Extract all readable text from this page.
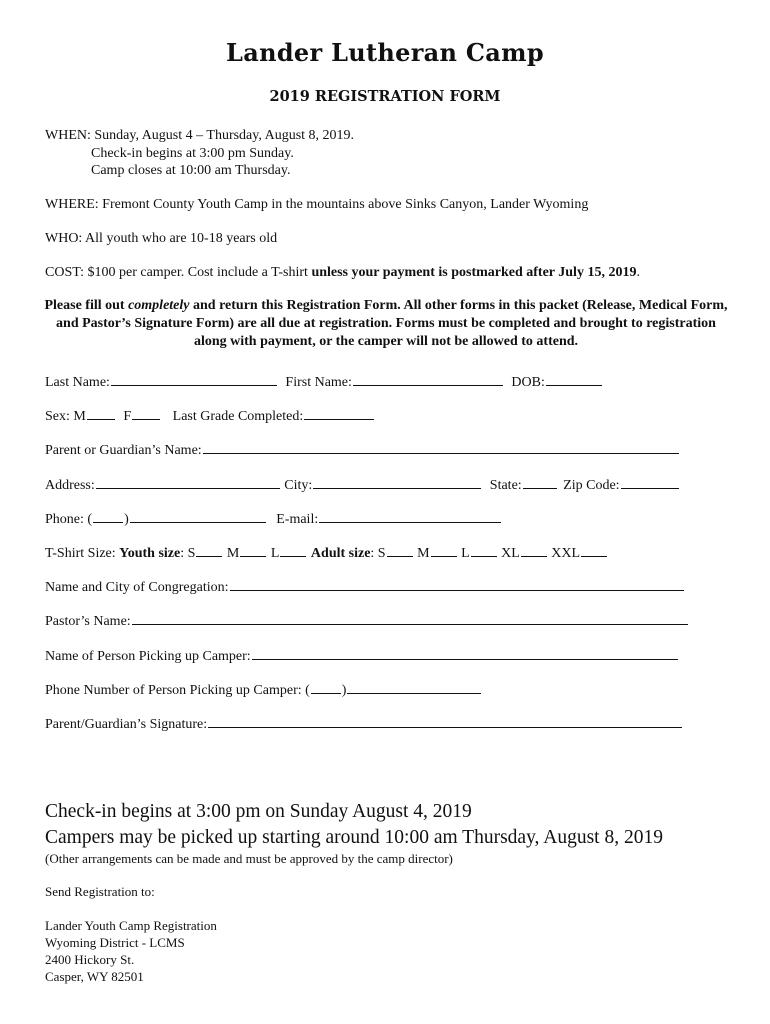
Lander Lutheran Camp
2019 REGISTRATION FORM
WHEN: Sunday, August 4 – Thursday, August 8, 2019.
Check-in begins at 3:00 pm Sunday.
Camp closes at 10:00 am Thursday.
WHERE: Fremont County Youth Camp in the mountains above Sinks Canyon, Lander Wyoming
WHO: All youth who are 10-18 years old
COST: $100 per camper. Cost include a T-shirt unless your payment is postmarked after July 15, 2019.
Please fill out completely and return this Registration Form. All other forms in this packet (Release, Medical Form, and Pastor’s Signature Form) are all due at registration. Forms must be completed and brought to registration along with payment, or the camper will not be allowed to attend.
Last Name:	First Name:	DOB:
Sex: M	F	Last Grade Completed:
Parent or Guardian’s Name:
Address:	City:	State:	Zip Code:
Phone: ( )	E-mail:
T-Shirt Size: Youth size: S M L Adult size: S M L XL XXL
Name and City of Congregation:
Pastor’s Name:
Name of Person Picking up Camper:
Phone Number of Person Picking up Camper: ( )
Parent/Guardian’s Signature:
Check-in begins at 3:00 pm on Sunday August 4, 2019
Campers may be picked up starting around 10:00 am Thursday, August 8, 2019
(Other arrangements can be made and must be approved by the camp director)
Send Registration to:
Lander Youth Camp Registration
Wyoming District - LCMS
2400 Hickory St.
Casper, WY 82501
